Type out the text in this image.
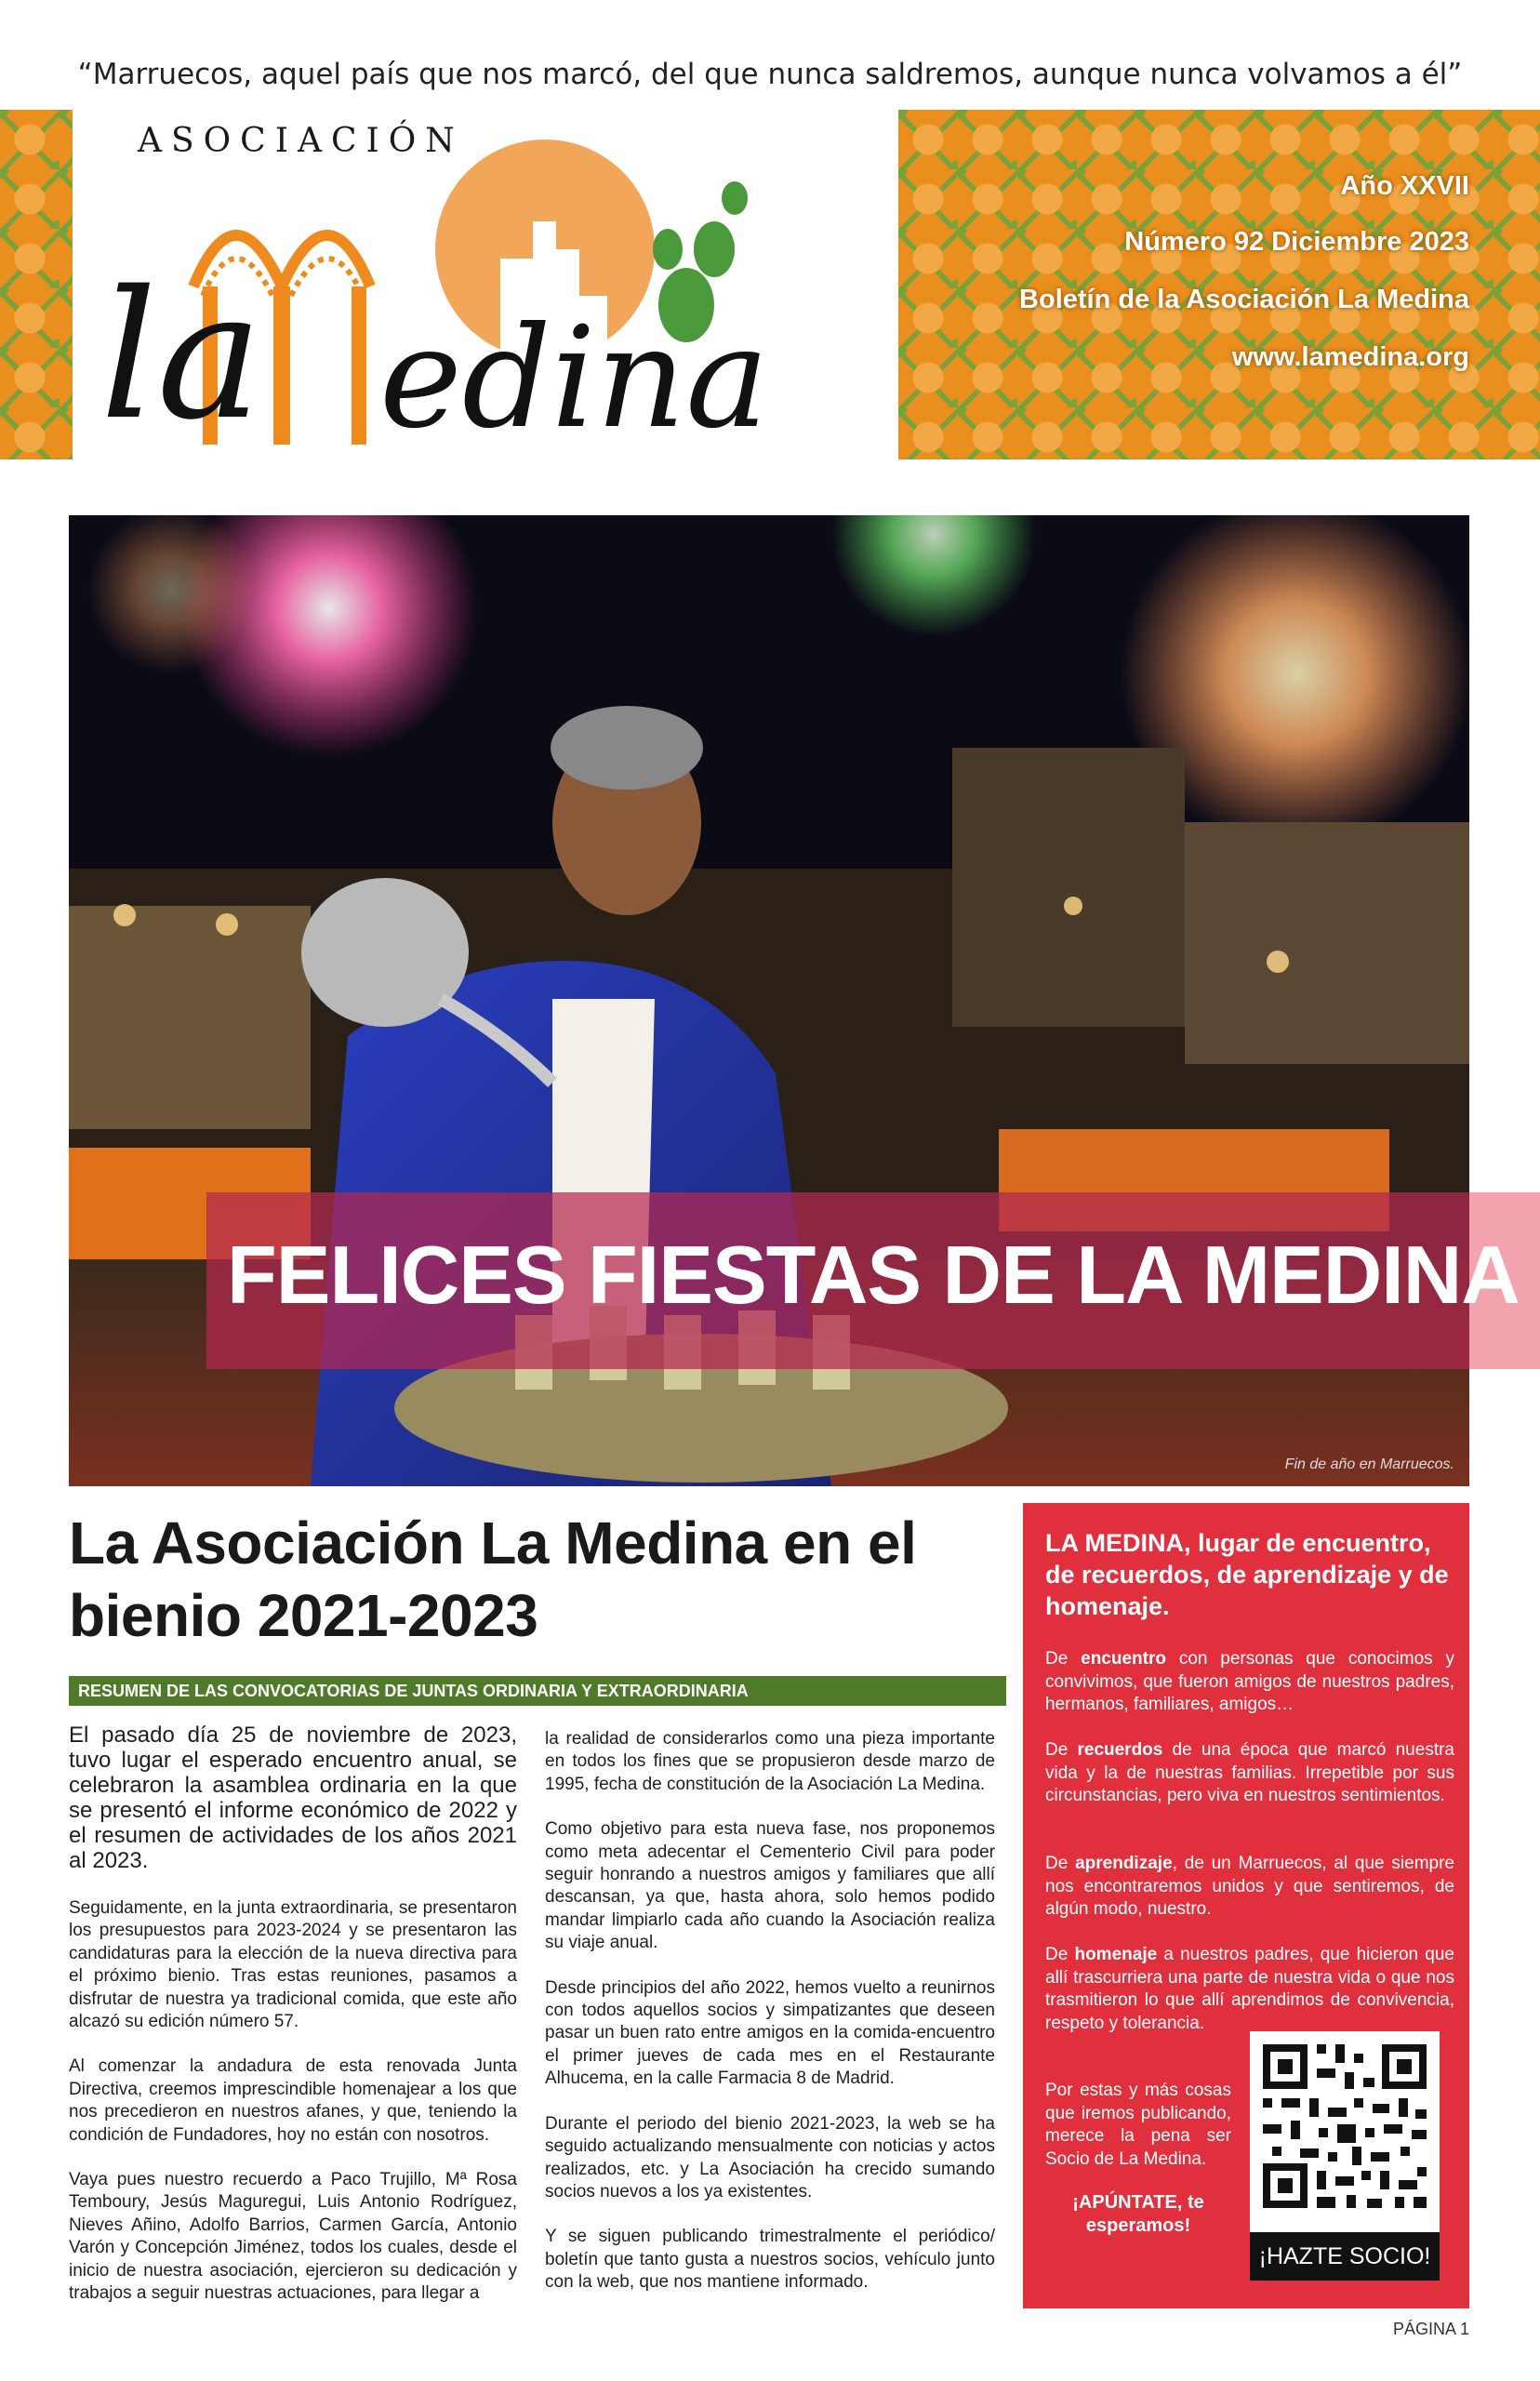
“Marruecos, aquel país que nos marcó, del que nunca saldremos, aunque nunca volvamos a él”
ASOCIACIÓN
la edina
Año XXVII
Número 92 Diciembre 2023
Boletín de la Asociación La Medina
www.lamedina.org
FELICES FIESTAS DE LA MEDINA
Fin de año en Marruecos.
La Asociación La Medina en el bienio 2021-2023
RESUMEN DE LAS CONVOCATORIAS DE JUNTAS ORDINARIA Y EXTRAORDINARIA

El pasado día 25 de noviembre de 2023, tuvo lugar el esperado encuentro anual, se celebraron la asamblea ordinaria en la que se presentó el informe económico de 2022 y el resumen de actividades de los años 2021 al 2023.

Seguidamente, en la junta extraordinaria, se presentaron los presupuestos para 2023-2024 y se presentaron las candidaturas para la elección de la nueva directiva para el próximo bienio. Tras estas reuniones, pasamos a disfrutar de nuestra ya tradicional comida, que este año alcazó su edición número 57.

Al comenzar la andadura de esta renovada Junta Directiva, creemos imprescindible homenajear a los que nos precedieron en nuestros afanes, y que, teniendo la condición de Fundadores, hoy no están con nosotros.

Vaya pues nuestro recuerdo a Paco Trujillo, Mª Rosa Temboury, Jesús Maguregui, Luis Antonio Rodríguez, Nieves Añino, Adolfo Barrios, Carmen García, Antonio Varón y Concepción Jiménez, todos los cuales, desde el inicio de nuestra asociación, ejercieron su dedicación y trabajos a seguir nuestras actuaciones, para llegar a

la realidad de considerarlos como una pieza importante en todos los fines que se propusieron desde marzo de 1995, fecha de constitución de la Asociación La Medina.

Como objetivo para esta nueva fase, nos proponemos como meta adecentar el Cementerio Civil para poder seguir honrando a nuestros amigos y familiares que allí descansan, ya que, hasta ahora, solo hemos podido mandar limpiarlo cada año cuando la Asociación realiza su viaje anual.

Desde principios del año 2022, hemos vuelto a reunirnos con todos aquellos socios y simpatizantes que deseen pasar un buen rato entre amigos en la comida-encuentro el primer jueves de cada mes en el Restaurante Alhucema, en la calle Farmacia 8 de Madrid.

Durante el periodo del bienio 2021-2023, la web se ha seguido actualizando mensualmente con noticias y actos realizados, etc. y La Asociación ha crecido sumando socios nuevos a los ya existentes.

Y se siguen publicando trimestralmente el periódico/ boletín que tanto gusta a nuestros socios, vehículo junto con la web, que nos mantiene informado.

LA MEDINA, lugar de encuentro, de recuerdos, de aprendizaje y de homenaje.
De encuentro con personas que conocimos y convivimos, que fueron amigos de nuestros padres, hermanos, familiares, amigos…
De recuerdos de una época que marcó nuestra vida y la de nuestras familias. Irrepetible por sus circunstancias, pero viva en nuestros sentimientos.
De aprendizaje, de un Marruecos, al que siempre nos encontraremos unidos y que sentiremos, de algún modo, nuestro.
De homenaje a nuestros padres, que hicieron que allí trascurriera una parte de nuestra vida o que nos trasmitieron lo que allí aprendimos de convivencia, respeto y tolerancia.
Por estas y más cosas que iremos publicando, merece la pena ser Socio de La Medina.
¡APÚNTATE, te esperamos!
¡HAZTE SOCIO!
PÁGINA 1
